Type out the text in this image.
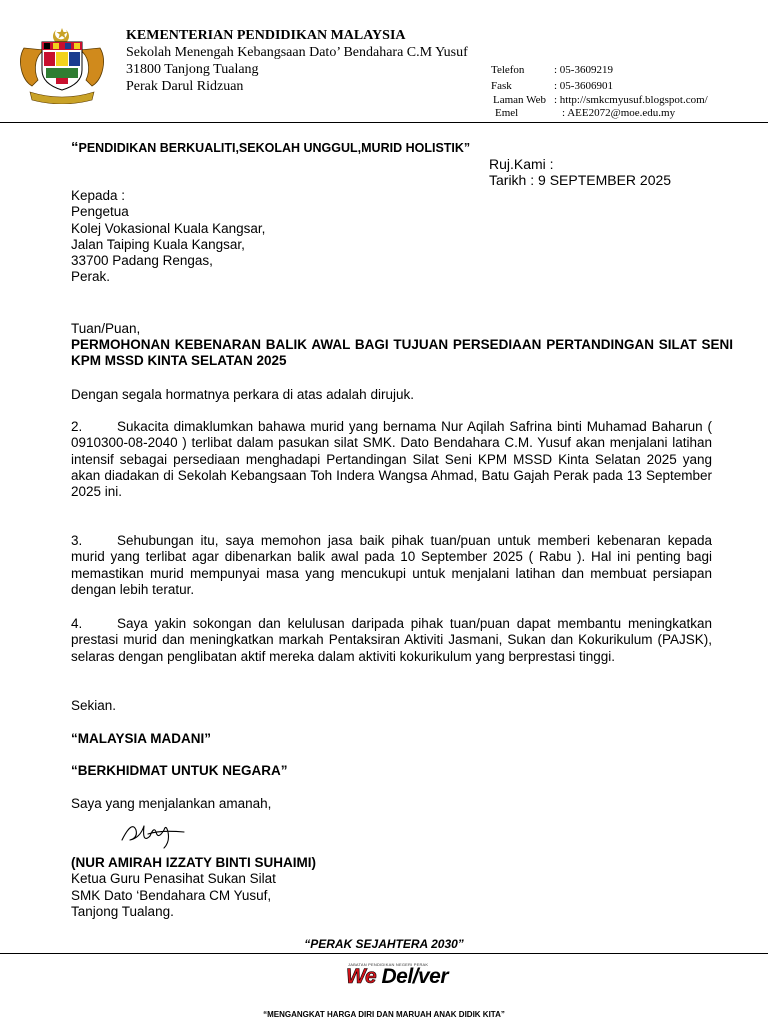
KEMENTERIAN PENDIDIKAN MALAYSIA
Sekolah Menengah Kebangsaan Dato’ Bendahara C.M Yusuf
31800 Tanjong Tualang
Perak Darul Ridzuan
Telefon	: 05-3609219
Fask	: 05-3606901
Laman Web : http://smkcmyusuf.blogspot.com/
Emel	: AEE2072@moe.edu.my
“PENDIDIKAN BERKUALITI,SEKOLAH UNGGUL,MURID HOLISTIK”
Ruj.Kami :
Tarikh : 9 SEPTEMBER 2025
Kepada :
Pengetua
Kolej Vokasional Kuala Kangsar,
Jalan Taiping Kuala Kangsar,
33700 Padang Rengas,
Perak.
Tuan/Puan,
PERMOHONAN KEBENARAN BALIK AWAL BAGI TUJUAN PERSEDIAAN PERTANDINGAN SILAT SENI KPM MSSD KINTA SELATAN 2025
Dengan segala hormatnya perkara di atas adalah dirujuk.
2.	Sukacita dimaklumkan bahawa murid yang bernama Nur Aqilah Safrina binti Muhamad Baharun ( 0910300-08-2040 ) terlibat dalam pasukan silat SMK. Dato Bendahara C.M. Yusuf akan menjalani latihan intensif sebagai persediaan menghadapi Pertandingan Silat Seni KPM MSSD Kinta Selatan 2025 yang akan diadakan di Sekolah Kebangsaan Toh Indera Wangsa Ahmad, Batu Gajah Perak pada 13 September 2025 ini.
3.	Sehubungan itu, saya memohon jasa baik pihak tuan/puan untuk memberi kebenaran kepada murid yang terlibat agar dibenarkan balik awal pada 10 September 2025 ( Rabu ). Hal ini penting bagi memastikan murid mempunyai masa yang mencukupi untuk menjalani latihan dan membuat persiapan dengan lebih teratur.
4.	Saya yakin sokongan dan kelulusan daripada pihak tuan/puan dapat membantu meningkatkan prestasi murid dan meningkatkan markah Pentaksiran Aktiviti Jasmani, Sukan dan Kokurikulum (PAJSK), selaras dengan penglibatan aktif mereka dalam aktiviti kokurikulum yang berprestasi tinggi.
Sekian.
“MALAYSIA MADANI”
“BERKHIDMAT UNTUK NEGARA”
Saya yang menjalankan amanah,
(NUR AMIRAH IZZATY BINTI SUHAIMI)
Ketua Guru Penasihat Sukan Silat
SMK Dato ‘Bendahara CM Yusuf,
Tanjong Tualang.
“PERAK SEJAHTERA 2030”
JABATAN PENDIDIKAN NEGERI PERAK
We Del/ver
“MENGANGKAT HARGA DIRI DAN MARUAH ANAK DIDIK KITA”
